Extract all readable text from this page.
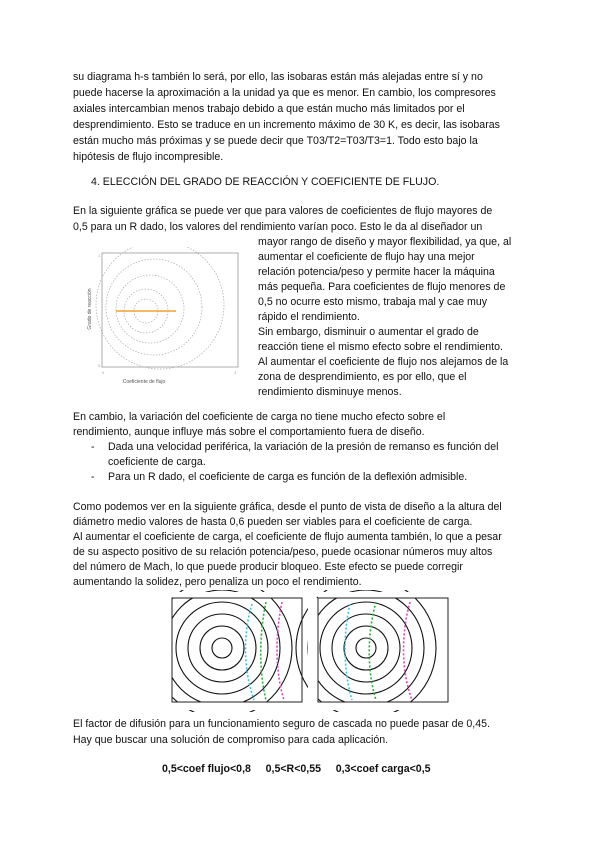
su diagrama h-s también lo será, por ello, las isobaras están más alejadas entre sí y no
puede hacerse la aproximación a la unidad ya que es menor. En cambio, los compresores
axiales intercambian menos trabajo debido a que están mucho más limitados por el
desprendimiento. Esto se traduce en un incremento máximo de 30 K, es decir, las isobaras
están mucho más próximas y se puede decir que T03/T2=T03/T3=1. Todo esto bajo la
hipótesis de flujo incompresible.
4. ELECCIÓN DEL GRADO DE REACCIÓN Y COEFICIENTE DE FLUJO.
En la siguiente gráfica se puede ver que para valores de coeficientes de flujo mayores de
0,5 para un R dado, los valores del rendimiento varían poco. Esto le da al diseñador un
1
0
0	1
Grado de reacción
Coeficiente de flujo
mayor rango de diseño y mayor flexibilidad, ya que, al
aumentar el coeficiente de flujo hay una mejor
relación potencia/peso y permite hacer la máquina
más pequeña. Para coeficientes de flujo menores de
0,5 no ocurre esto mismo, trabaja mal y cae muy
rápido el rendimiento.
Sin embargo, disminuir o aumentar el grado de
reacción tiene el mismo efecto sobre el rendimiento.
Al aumentar el coeficiente de flujo nos alejamos de la
zona de desprendimiento, es por ello, que el
rendimiento disminuye menos.
En cambio, la variación del coeficiente de carga no tiene mucho efecto sobre el
rendimiento, aunque influye más sobre el comportamiento fuera de diseño.
- Dada una velocidad periférica, la variación de la presión de remanso es función del
coeficiente de carga.
- Para un R dado, el coeficiente de carga es función de la deflexión admisible.
Como podemos ver en la siguiente gráfica, desde el punto de vista de diseño a la altura del
diámetro medio valores de hasta 0,6 pueden ser viables para el coeficiente de carga.
Al aumentar el coeficiente de carga, el coeficiente de flujo aumenta también, lo que a pesar
de su aspecto positivo de su relación potencia/peso, puede ocasionar números muy altos
del número de Mach, lo que puede producir bloqueo. Este efecto se puede corregir
aumentando la solidez, pero penaliza un poco el rendimiento.
El factor de difusión para un funcionamiento seguro de cascada no puede pasar de 0,45.
Hay que buscar una solución de compromiso para cada aplicación.
0,5<coef flujo<0,8     0,5<R<0,55     0,3<coef carga<0,5
